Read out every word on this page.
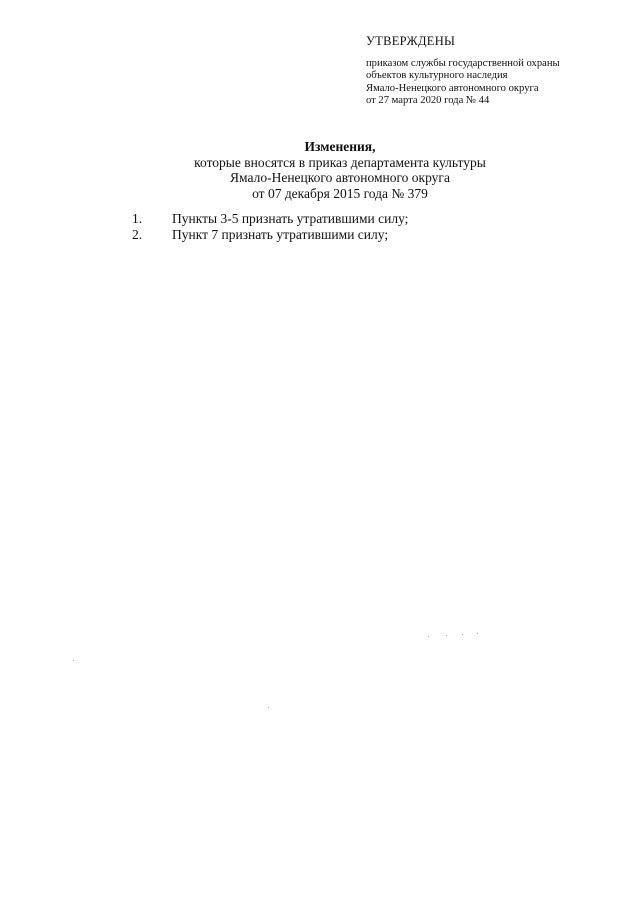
УТВЕРЖДЕНЫ
приказом службы государственной охраны
объектов культурного наследия
Ямало-Ненецкого автономного округа
от 27 марта 2020 года № 44
Изменения,
которые вносятся в приказ департамента культуры
Ямало-Ненецкого автономного округа
от 07 декабря 2015 года № 379
1.	Пункты 3-5 признать утратившими силу;
2.	Пункт 7 признать утратившими силу;
